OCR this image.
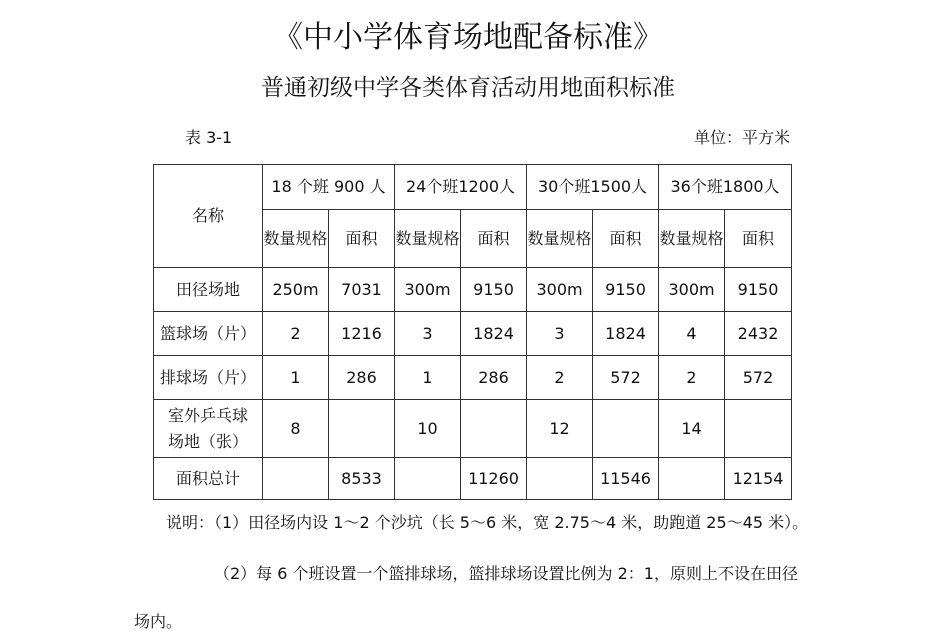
《中小学体育场地配备标准》
普通初级中学各类体育活动用地面积标准
表 3-1	单位：平方米
名称	18 个班 900 人		24个班1200人		30个班1500人		36个班1800人	
	数量规格	面积	数量规格	面积	数量规格	面积	数量规格	面积
田径场地	250m	7031	300m	9150	300m	9150	300m	9150
篮球场（片）	2	1216	3	1824	3	1824	4	2432
排球场（片）	1	286	1	286	2	572	2	572
室外乒乓球场地（张）	8		10		12		14	
面积总计		8533		11260		11546		12154
说明：（1）田径场内设 1～2 个沙坑（长 5～6 米，宽 2.75～4 米，助跑道 25～45 米）。
（2）每 6 个班设置一个篮排球场，篮排球场设置比例为 2：1，原则上不设在田径
场内。
